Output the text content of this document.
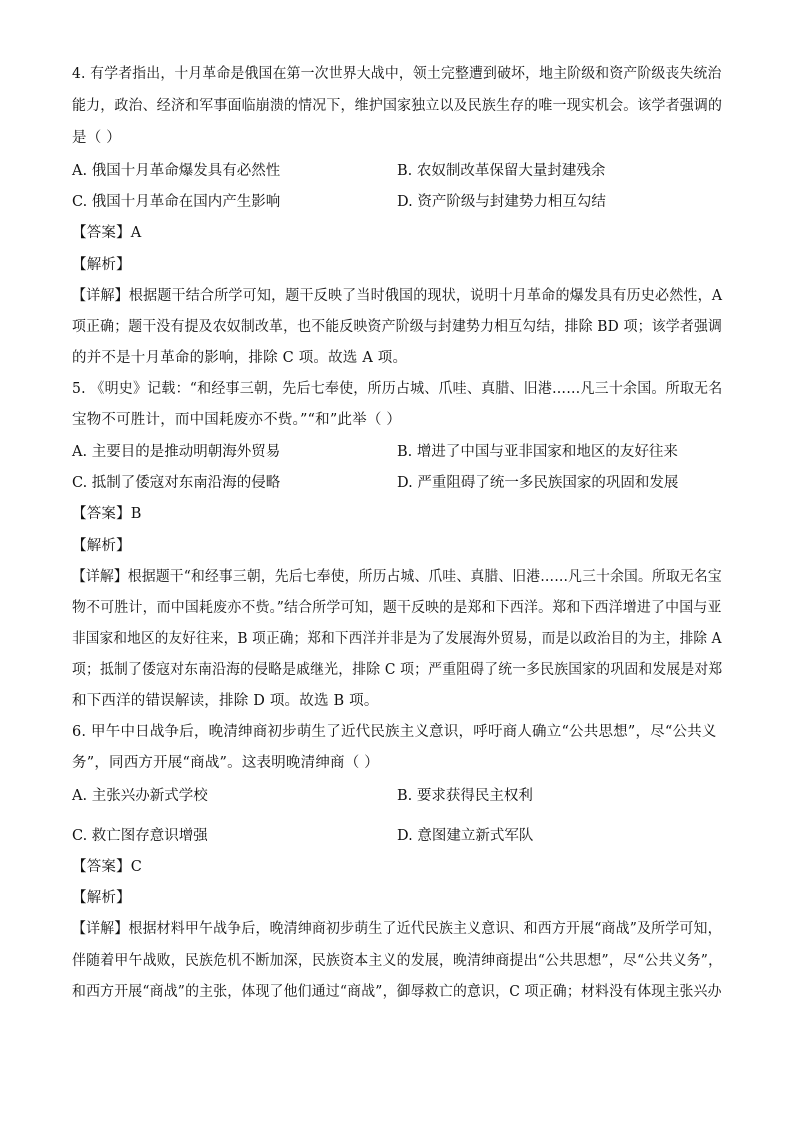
4. 有学者指出，十月革命是俄国在第一次世界大战中，领土完整遭到破坏，地主阶级和资产阶级丧失统治
能力，政治、经济和军事面临崩溃的情况下，维护国家独立以及民族生存的唯一现实机会。该学者强调的
是（ ）
A. 俄国十月革命爆发具有必然性	B. 农奴制改革保留大量封建残余
C. 俄国十月革命在国内产生影响	D. 资产阶级与封建势力相互勾结
【答案】A
【解析】
【详解】根据题干结合所学可知，题干反映了当时俄国的现状，说明十月革命的爆发具有历史必然性，A
项正确；题干没有提及农奴制改革，也不能反映资产阶级与封建势力相互勾结，排除 BD 项；该学者强调
的并不是十月革命的影响，排除 C 项。故选 A 项。
5. 《明史》记载：“和经事三朝，先后七奉使，所历占城、爪哇、真腊、旧港……凡三十余国。所取无名
宝物不可胜计，而中国耗废亦不赀。”“和”此举（ ）
A. 主要目的是推动明朝海外贸易	B. 增进了中国与亚非国家和地区的友好往来
C. 抵制了倭寇对东南沿海的侵略	D. 严重阻碍了统一多民族国家的巩固和发展
【答案】B
【解析】
【详解】根据题干“和经事三朝，先后七奉使，所历占城、爪哇、真腊、旧港……凡三十余国。所取无名宝
物不可胜计，而中国耗废亦不赀。”结合所学可知，题干反映的是郑和下西洋。郑和下西洋增进了中国与亚
非国家和地区的友好往来，B 项正确；郑和下西洋并非是为了发展海外贸易，而是以政治目的为主，排除 A
项；抵制了倭寇对东南沿海的侵略是戚继光，排除 C 项；严重阻碍了统一多民族国家的巩固和发展是对郑
和下西洋的错误解读，排除 D 项。故选 B 项。
6. 甲午中日战争后，晚清绅商初步萌生了近代民族主义意识，呼吁商人确立“公共思想”，尽“公共义
务”，同西方开展“商战”。这表明晚清绅商（ ）
A. 主张兴办新式学校	B. 要求获得民主权利
C. 救亡图存意识增强	D. 意图建立新式军队
【答案】C
【解析】
【详解】根据材料甲午战争后，晚清绅商初步萌生了近代民族主义意识、和西方开展“商战”及所学可知，
伴随着甲午战败，民族危机不断加深，民族资本主义的发展，晚清绅商提出“公共思想”，尽“公共义务”，
和西方开展“商战”的主张，体现了他们通过“商战”，御辱救亡的意识，C 项正确；材料没有体现主张兴办
